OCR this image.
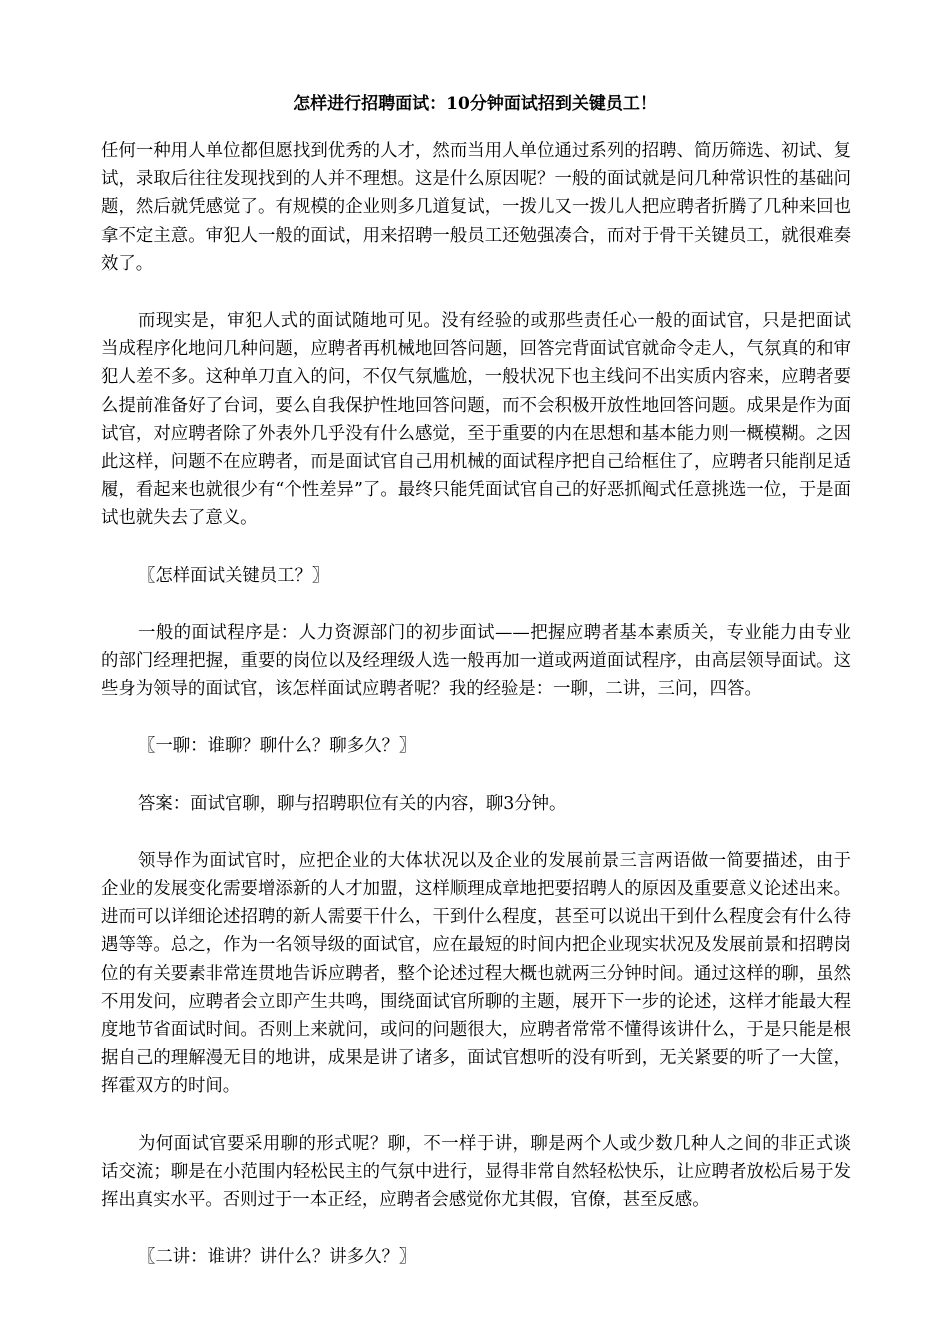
怎样进行招聘面试：10分钟面试招到关键员工！

任何一种用人单位都但愿找到优秀的人才，然而当用人单位通过系列的招聘、简历筛选、初试、复试，录取后往往发现找到的人并不理想。这是什么原因呢？一般的面试就是问几种常识性的基础问题，然后就凭感觉了。有规模的企业则多几道复试，一拨儿又一拨儿人把应聘者折腾了几种来回也拿不定主意。审犯人一般的面试，用来招聘一般员工还勉强凑合，而对于骨干关键员工，就很难奏效了。

而现实是，审犯人式的面试随地可见。没有经验的或那些责任心一般的面试官，只是把面试当成程序化地问几种问题，应聘者再机械地回答问题，回答完背面试官就命令走人，气氛真的和审犯人差不多。这种单刀直入的问，不仅气氛尴尬，一般状况下也主线问不出实质内容来，应聘者要么提前准备好了台词，要么自我保护性地回答问题，而不会积极开放性地回答问题。成果是作为面试官，对应聘者除了外表外几乎没有什么感觉，至于重要的内在思想和基本能力则一概模糊。之因此这样，问题不在应聘者，而是面试官自己用机械的面试程序把自己给框住了，应聘者只能削足适履，看起来也就很少有“个性差异”了。最终只能凭面试官自己的好恶抓阄式任意挑选一位，于是面试也就失去了意义。

〖怎样面试关键员工？〗

一般的面试程序是：人力资源部门的初步面试——把握应聘者基本素质关，专业能力由专业的部门经理把握，重要的岗位以及经理级人选一般再加一道或两道面试程序，由高层领导面试。这些身为领导的面试官，该怎样面试应聘者呢？我的经验是：一聊，二讲，三问，四答。

〖一聊：谁聊？聊什么？聊多久？〗

答案：面试官聊，聊与招聘职位有关的内容，聊3分钟。

领导作为面试官时，应把企业的大体状况以及企业的发展前景三言两语做一简要描述，由于企业的发展变化需要增添新的人才加盟，这样顺理成章地把要招聘人的原因及重要意义论述出来。进而可以详细论述招聘的新人需要干什么，干到什么程度，甚至可以说出干到什么程度会有什么待遇等等。总之，作为一名领导级的面试官，应在最短的时间内把企业现实状况及发展前景和招聘岗位的有关要素非常连贯地告诉应聘者，整个论述过程大概也就两三分钟时间。通过这样的聊，虽然不用发问，应聘者会立即产生共鸣，围绕面试官所聊的主题，展开下一步的论述，这样才能最大程度地节省面试时间。否则上来就问，或问的问题很大，应聘者常常不懂得该讲什么，于是只能是根据自己的理解漫无目的地讲，成果是讲了诸多，面试官想听的没有听到，无关紧要的听了一大筐，挥霍双方的时间。

为何面试官要采用聊的形式呢？聊，不一样于讲，聊是两个人或少数几种人之间的非正式谈话交流；聊是在小范围内轻松民主的气氛中进行，显得非常自然轻松快乐，让应聘者放松后易于发挥出真实水平。否则过于一本正经，应聘者会感觉你尤其假，官僚，甚至反感。

〖二讲：谁讲？讲什么？讲多久？〗
